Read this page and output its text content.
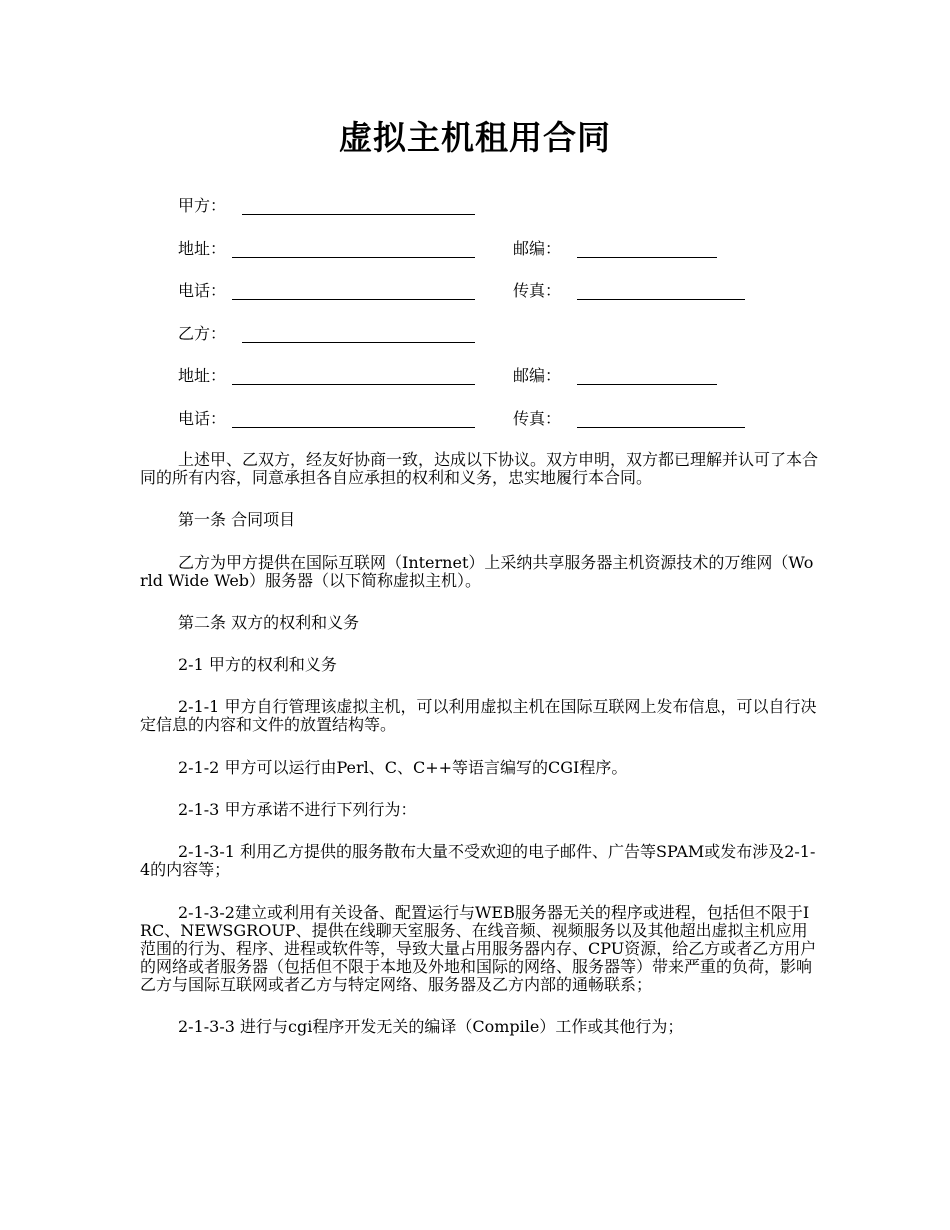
虚拟主机租用合同
甲方：
地址：	邮编：
电话：	传真：
乙方：
地址：	邮编：
电话：	传真：

上述甲、乙双方，经友好协商一致，达成以下协议。双方申明，双方都已理解并认可了本合同的所有内容，同意承担各自应承担的权利和义务，忠实地履行本合同。

第一条 合同项目

乙方为甲方提供在国际互联网（Internet）上采纳共享服务器主机资源技术的万维网（World Wide Web）服务器（以下简称虚拟主机）。

第二条 双方的权利和义务

2-1 甲方的权利和义务

2-1-1 甲方自行管理该虚拟主机，可以利用虚拟主机在国际互联网上发布信息，可以自行决定信息的内容和文件的放置结构等。

2-1-2 甲方可以运行由Perl、C、C++等语言编写的CGI程序。

2-1-3 甲方承诺不进行下列行为：

2-1-3-1 利用乙方提供的服务散布大量不受欢迎的电子邮件、广告等SPAM或发布涉及2-1-4的内容等；

2-1-3-2建立或利用有关设备、配置运行与WEB服务器无关的程序或进程，包括但不限于IRC、NEWSGROUP、提供在线聊天室服务、在线音频、视频服务以及其他超出虚拟主机应用范围的行为、程序、进程或软件等，导致大量占用服务器内存、CPU资源，给乙方或者乙方用户的网络或者服务器（包括但不限于本地及外地和国际的网络、服务器等）带来严重的负荷，影响乙方与国际互联网或者乙方与特定网络、服务器及乙方内部的通畅联系；

2-1-3-3 进行与cgi程序开发无关的编译（Compile）工作或其他行为；
